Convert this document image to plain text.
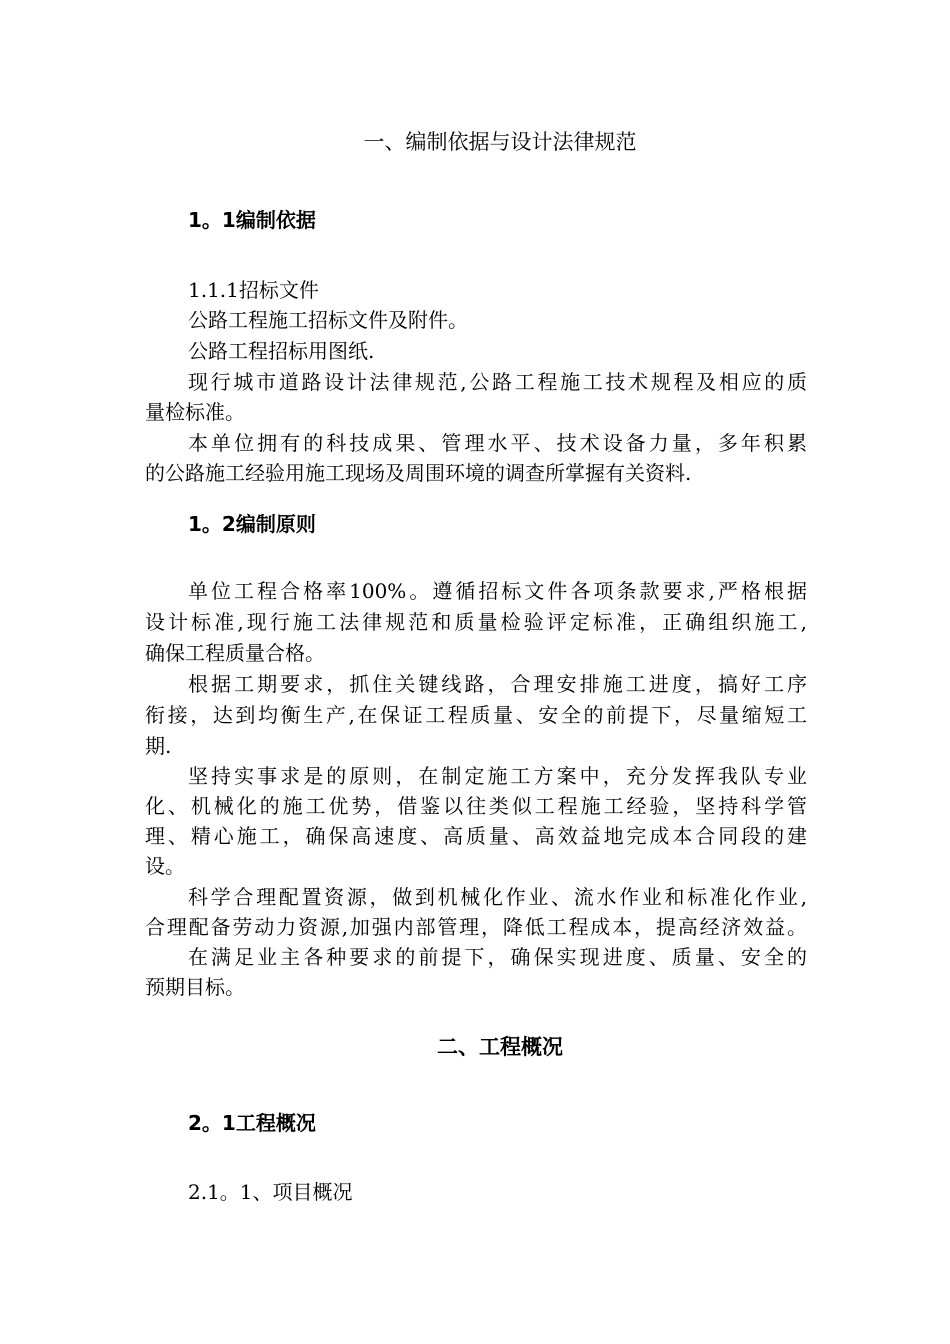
一、编制依据与设计法律规范

1。1编制依据

1.1.1招标文件

公路工程施工招标文件及附件。

公路工程招标用图纸.

现行城市道路设计法律规范,公路工程施工技术规程及相应的质

量检标准。

本单位拥有的科技成果、管理水平、技术设备力量，多年积累

的公路施工经验用施工现场及周围环境的调查所掌握有关资料.

1。2编制原则

单位工程合格率100%。遵循招标文件各项条款要求,严格根据

设计标准,现行施工法律规范和质量检验评定标准，正确组织施工,

确保工程质量合格。

根据工期要求，抓住关键线路，合理安排施工进度，搞好工序

衔接，达到均衡生产,在保证工程质量、安全的前提下，尽量缩短工

期.

坚持实事求是的原则，在制定施工方案中，充分发挥我队专业

化、机械化的施工优势，借鉴以往类似工程施工经验，坚持科学管

理、精心施工，确保高速度、高质量、高效益地完成本合同段的建

设。

科学合理配置资源，做到机械化作业、流水作业和标准化作业,

合理配备劳动力资源,加强内部管理，降低工程成本，提高经济效益。

在满足业主各种要求的前提下，确保实现进度、质量、安全的

预期目标。

二、工程概况

2。1工程概况

2.1。1、项目概况
